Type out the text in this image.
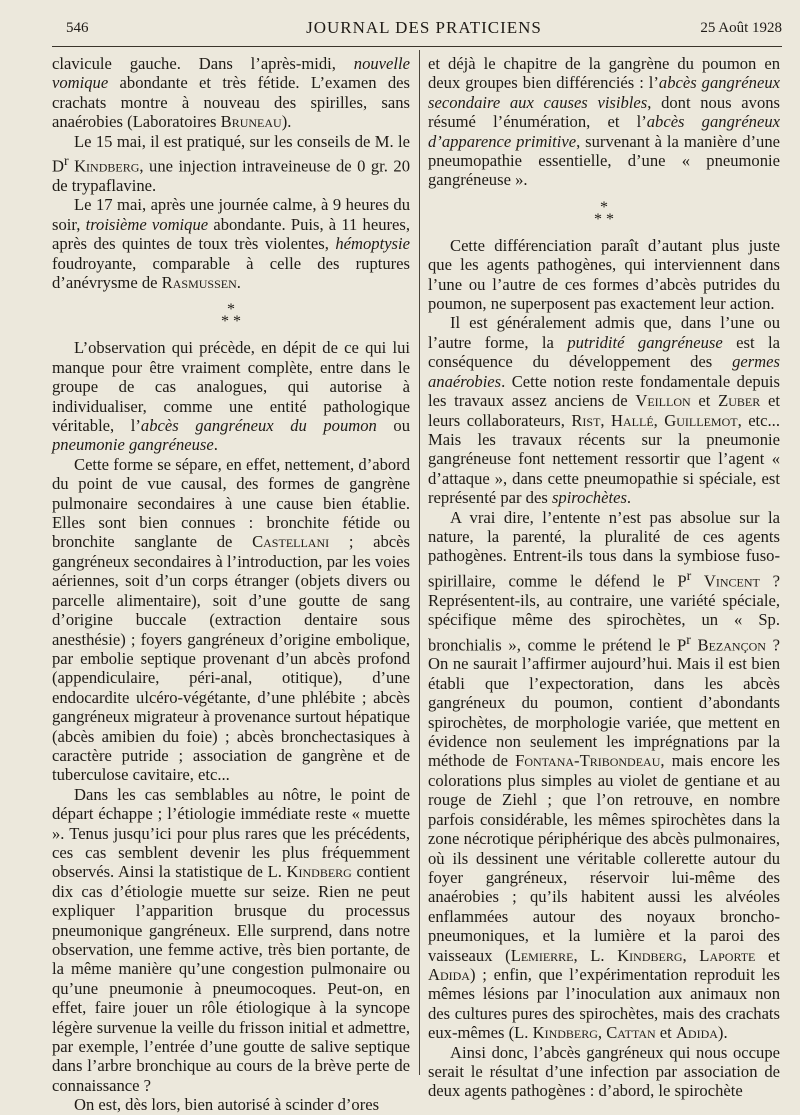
546	JOURNAL DES PRATICIENS	25 Août 1928

clavicule gauche. Dans l’après-midi, nouvelle vomique abondante et très fétide. L’examen des crachats montre à nouveau des spirilles, sans anaérobies (Laboratoires Bruneau).

Le 15 mai, il est pratiqué, sur les conseils de M. le $D^r$ Kindberg, une injection intraveineuse de 0 gr. 20 de trypaflavine.

Le 17 mai, après une journée calme, à 9 heures du soir, troisième vomique abondante. Puis, à 11 heures, après des quintes de toux très violentes, hémoptysie foudroyante, comparable à celle des ruptures d’anévrysme de Rasmussen.

*
* *

L’observation qui précède, en dépit de ce qui lui manque pour être vraiment complète, entre dans le groupe de cas analogues, qui autorise à individualiser, comme une entité pathologique véritable, l’abcès gangréneux du poumon ou pneumonie gangréneuse.

Cette forme se sépare, en effet, nettement, d’abord du point de vue causal, des formes de gangrène pulmonaire secondaires à une cause bien établie. Elles sont bien connues : bronchite fétide ou bronchite sanglante de Castellani ; abcès gangréneux secondaires à l’introduction, par les voies aériennes, soit d’un corps étranger (objets divers ou parcelle alimentaire), soit d’une goutte de sang d’origine buccale (extraction dentaire sous anesthésie) ; foyers gangréneux d’origine embolique, par embolie septique provenant d’un abcès profond (appendiculaire, péri-anal, otitique), d’une endocardite ulcéro-végétante, d’une phlébite ; abcès gangréneux migrateur à provenance surtout hépatique (abcès amibien du foie) ; abcès bronchectasiques à caractère putride ; association de gangrène et de tuberculose cavitaire, etc...

Dans les cas semblables au nôtre, le point de départ échappe ; l’étiologie immédiate reste « muette ». Tenus jusqu’ici pour plus rares que les précédents, ces cas semblent devenir les plus fréquemment observés. Ainsi la statistique de L. Kindberg contient dix cas d’étiologie muette sur seize. Rien ne peut expliquer l’apparition brusque du processus pneumonique gangréneux. Elle surprend, dans notre observation, une femme active, très bien portante, de la même manière qu’une congestion pulmonaire ou qu’une pneumonie à pneumocoques. Peut-on, en effet, faire jouer un rôle étiologique à la syncope légère survenue la veille du frisson initial et admettre, par exemple, l’entrée d’une goutte de salive septique dans l’arbre bronchique au cours de la brève perte de connaissance ?

On est, dès lors, bien autorisé à scinder d’ores

et déjà le chapitre de la gangrène du poumon en deux groupes bien différenciés : l’abcès gangréneux secondaire aux causes visibles, dont nous avons résumé l’énumération, et l’abcès gangréneux d’apparence primitive, survenant à la manière d’une pneumopathie essentielle, d’une « pneumonie gangréneuse ».

*
* *

Cette différenciation paraît d’autant plus juste que les agents pathogènes, qui interviennent dans l’une ou l’autre de ces formes d’abcès putrides du poumon, ne superposent pas exactement leur action.

Il est généralement admis que, dans l’une ou l’autre forme, la putridité gangréneuse est la conséquence du développement des germes anaérobies. Cette notion reste fondamentale depuis les travaux assez anciens de Veillon et Zuber et leurs collaborateurs, Rist, Hallé, Guillemot, etc... Mais les travaux récents sur la pneumonie gangréneuse font nettement ressortir que l’agent « d’attaque », dans cette pneumopathie si spéciale, est représenté par des spirochètes.

A vrai dire, l’entente n’est pas absolue sur la nature, la parenté, la pluralité de ces agents pathogènes. Entrent-ils tous dans la symbiose fuso-spirillaire, comme le défend le $P^r$ Vincent ? Représentent-ils, au contraire, une variété spéciale, spécifique même des spirochètes, un « Sp. bronchialis », comme le prétend le $P^r$ Bezançon ? On ne saurait l’affirmer aujourd’hui. Mais il est bien établi que l’expectoration, dans les abcès gangréneux du poumon, contient d’abondants spirochètes, de morphologie variée, que mettent en évidence non seulement les imprégnations par la méthode de Fontana-Tribondeau, mais encore les colorations plus simples au violet de gentiane et au rouge de Ziehl ; que l’on retrouve, en nombre parfois considérable, les mêmes spirochètes dans la zone nécrotique périphérique des abcès pulmonaires, où ils dessinent une véritable collerette autour du foyer gangréneux, réservoir lui-même des anaérobies ; qu’ils habitent aussi les alvéoles enflammées autour des noyaux broncho-pneumoniques, et la lumière et la paroi des vaisseaux (Lemierre, L. Kindberg, Laporte et Adida) ; enfin, que l’expérimentation reproduit les mêmes lésions par l’inoculation aux animaux non des cultures pures des spirochètes, mais des crachats eux-mêmes (L. Kindberg, Cattan et Adida).

Ainsi donc, l’abcès gangréneux qui nous occupe serait le résultat d’une infection par association de deux agents pathogènes : d’abord, le spirochète
